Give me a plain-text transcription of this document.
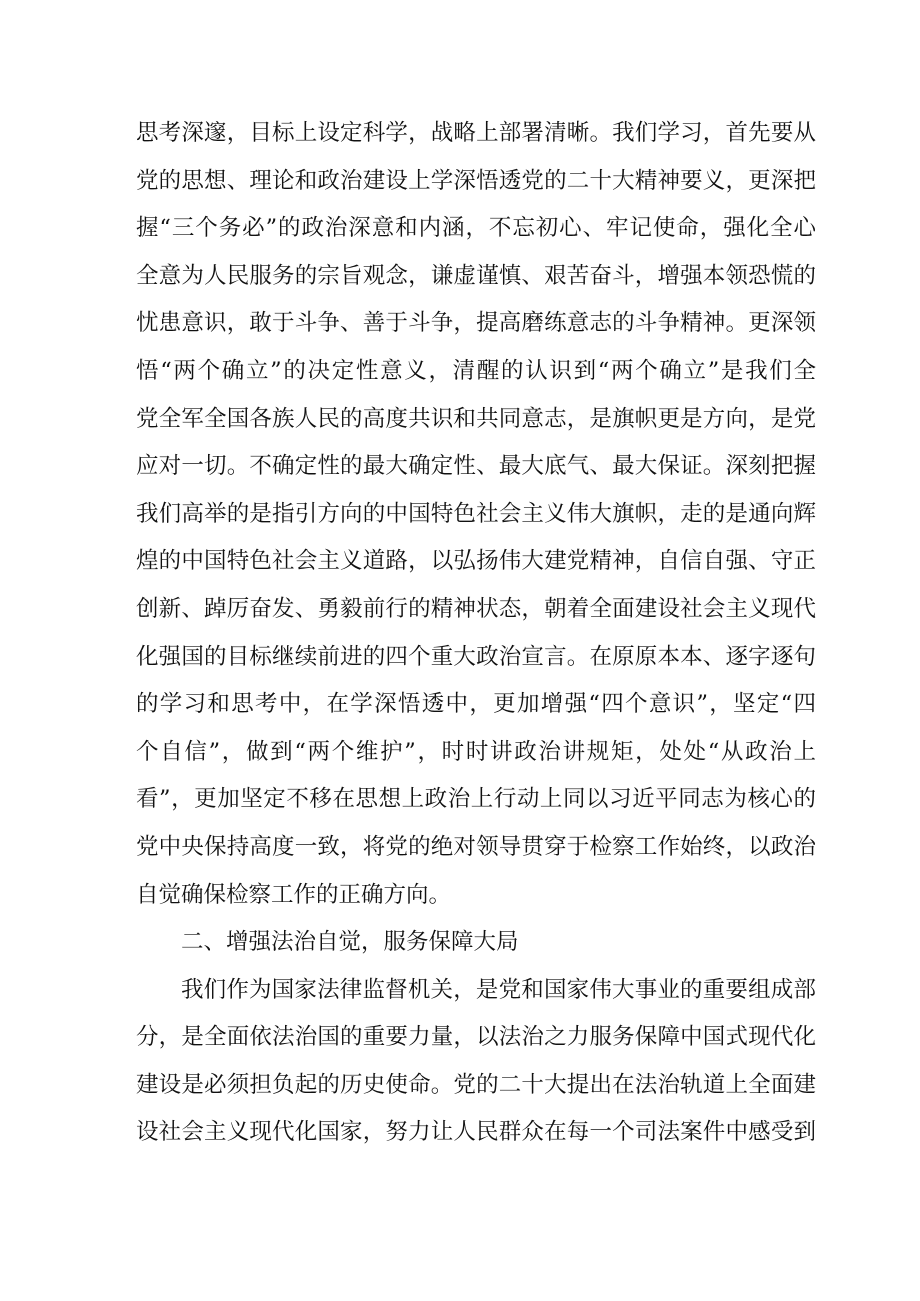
思考深邃，目标上设定科学，战略上部署清晰。我们学习，首先要从
党的思想、理论和政治建设上学深悟透党的二十大精神要义，更深把
握“三个务必”的政治深意和内涵，不忘初心、牢记使命，强化全心
全意为人民服务的宗旨观念，谦虚谨慎、艰苦奋斗，增强本领恐慌的
忧患意识，敢于斗争、善于斗争，提高磨练意志的斗争精神。更深领
悟“两个确立”的决定性意义，清醒的认识到“两个确立”是我们全
党全军全国各族人民的高度共识和共同意志，是旗帜更是方向，是党
应对一切。不确定性的最大确定性、最大底气、最大保证。深刻把握
我们高举的是指引方向的中国特色社会主义伟大旗帜，走的是通向辉
煌的中国特色社会主义道路，以弘扬伟大建党精神，自信自强、守正
创新、踔厉奋发、勇毅前行的精神状态，朝着全面建设社会主义现代
化强国的目标继续前进的四个重大政治宣言。在原原本本、逐字逐句
的学习和思考中，在学深悟透中，更加增强“四个意识”，坚定“四
个自信”，做到“两个维护”，时时讲政治讲规矩，处处“从政治上
看”，更加坚定不移在思想上政治上行动上同以习近平同志为核心的
党中央保持高度一致，将党的绝对领导贯穿于检察工作始终，以政治
自觉确保检察工作的正确方向。
二、增强法治自觉，服务保障大局
我们作为国家法律监督机关，是党和国家伟大事业的重要组成部
分，是全面依法治国的重要力量，以法治之力服务保障中国式现代化
建设是必须担负起的历史使命。党的二十大提出在法治轨道上全面建
设社会主义现代化国家，努力让人民群众在每一个司法案件中感受到
